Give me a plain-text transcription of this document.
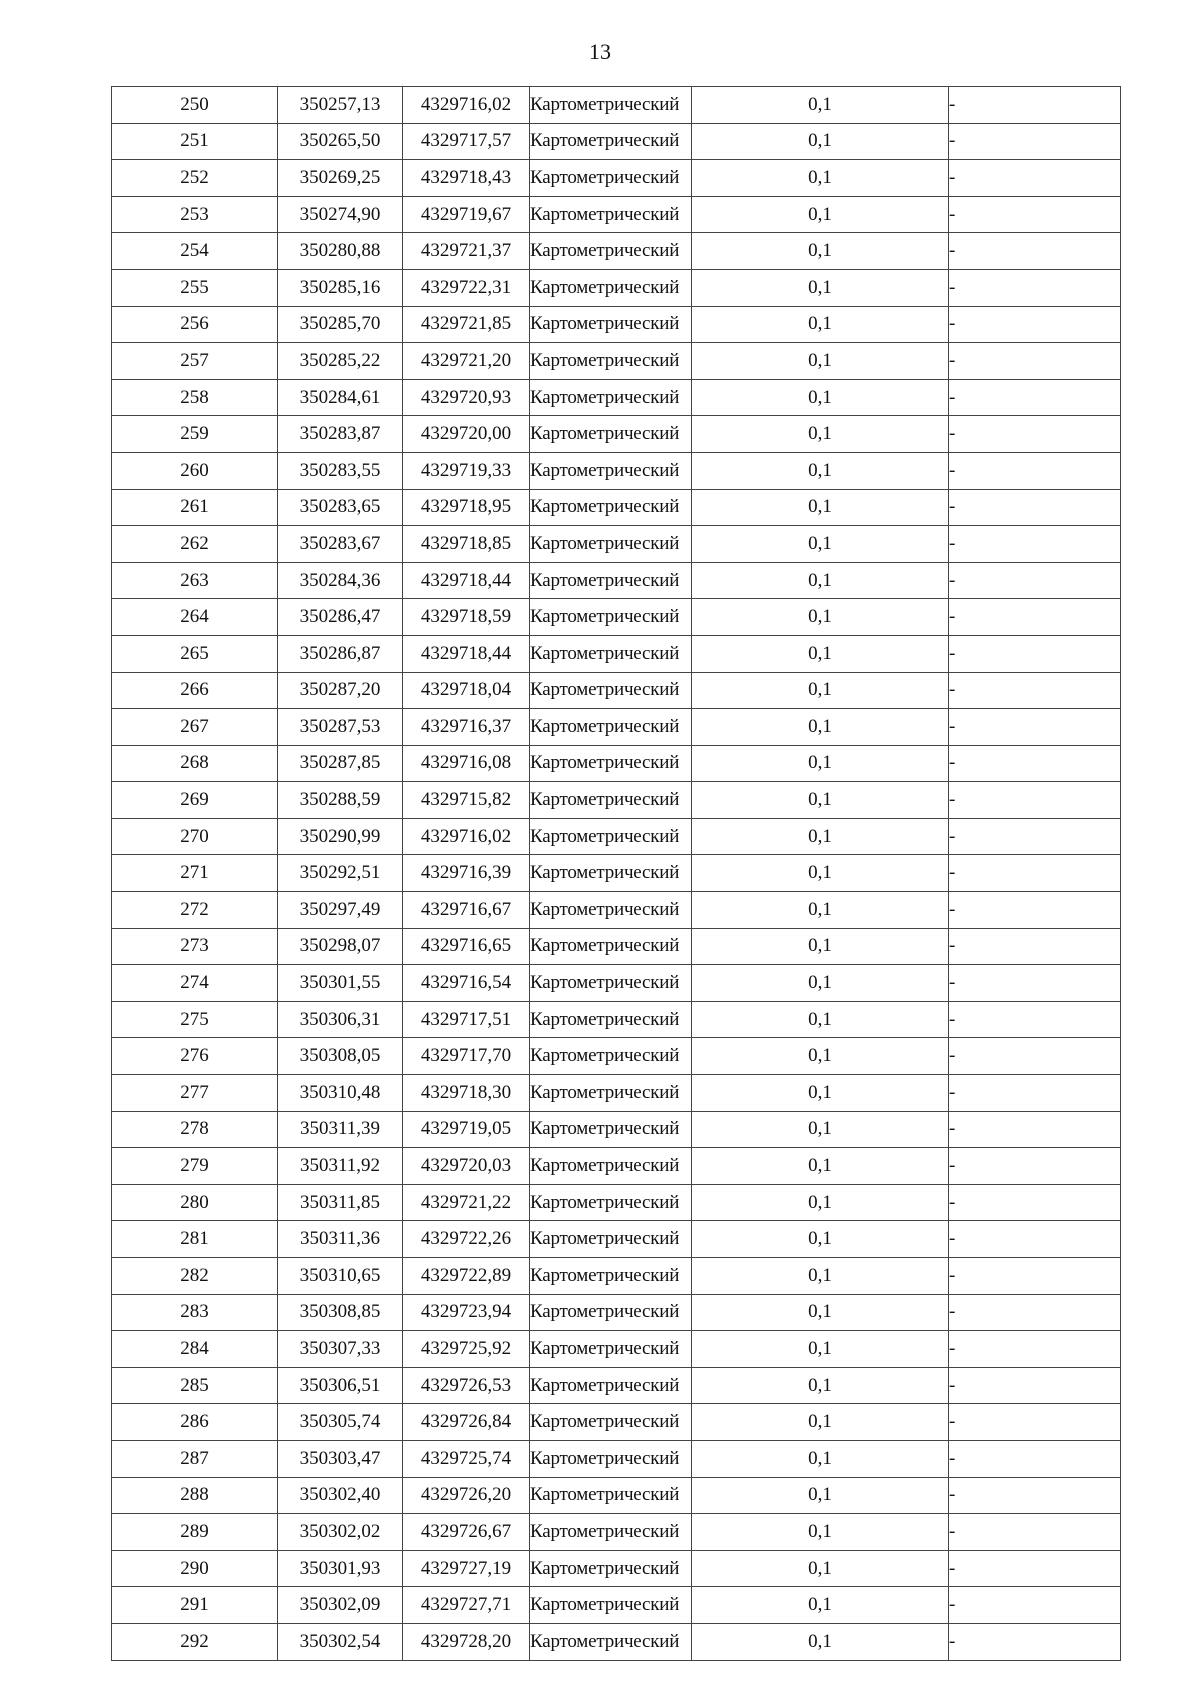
13
250	350257,13	4329716,02	Картометрический	0,1	-
251	350265,50	4329717,57	Картометрический	0,1	-
252	350269,25	4329718,43	Картометрический	0,1	-
253	350274,90	4329719,67	Картометрический	0,1	-
254	350280,88	4329721,37	Картометрический	0,1	-
255	350285,16	4329722,31	Картометрический	0,1	-
256	350285,70	4329721,85	Картометрический	0,1	-
257	350285,22	4329721,20	Картометрический	0,1	-
258	350284,61	4329720,93	Картометрический	0,1	-
259	350283,87	4329720,00	Картометрический	0,1	-
260	350283,55	4329719,33	Картометрический	0,1	-
261	350283,65	4329718,95	Картометрический	0,1	-
262	350283,67	4329718,85	Картометрический	0,1	-
263	350284,36	4329718,44	Картометрический	0,1	-
264	350286,47	4329718,59	Картометрический	0,1	-
265	350286,87	4329718,44	Картометрический	0,1	-
266	350287,20	4329718,04	Картометрический	0,1	-
267	350287,53	4329716,37	Картометрический	0,1	-
268	350287,85	4329716,08	Картометрический	0,1	-
269	350288,59	4329715,82	Картометрический	0,1	-
270	350290,99	4329716,02	Картометрический	0,1	-
271	350292,51	4329716,39	Картометрический	0,1	-
272	350297,49	4329716,67	Картометрический	0,1	-
273	350298,07	4329716,65	Картометрический	0,1	-
274	350301,55	4329716,54	Картометрический	0,1	-
275	350306,31	4329717,51	Картометрический	0,1	-
276	350308,05	4329717,70	Картометрический	0,1	-
277	350310,48	4329718,30	Картометрический	0,1	-
278	350311,39	4329719,05	Картометрический	0,1	-
279	350311,92	4329720,03	Картометрический	0,1	-
280	350311,85	4329721,22	Картометрический	0,1	-
281	350311,36	4329722,26	Картометрический	0,1	-
282	350310,65	4329722,89	Картометрический	0,1	-
283	350308,85	4329723,94	Картометрический	0,1	-
284	350307,33	4329725,92	Картометрический	0,1	-
285	350306,51	4329726,53	Картометрический	0,1	-
286	350305,74	4329726,84	Картометрический	0,1	-
287	350303,47	4329725,74	Картометрический	0,1	-
288	350302,40	4329726,20	Картометрический	0,1	-
289	350302,02	4329726,67	Картометрический	0,1	-
290	350301,93	4329727,19	Картометрический	0,1	-
291	350302,09	4329727,71	Картометрический	0,1	-
292	350302,54	4329728,20	Картометрический	0,1	-
